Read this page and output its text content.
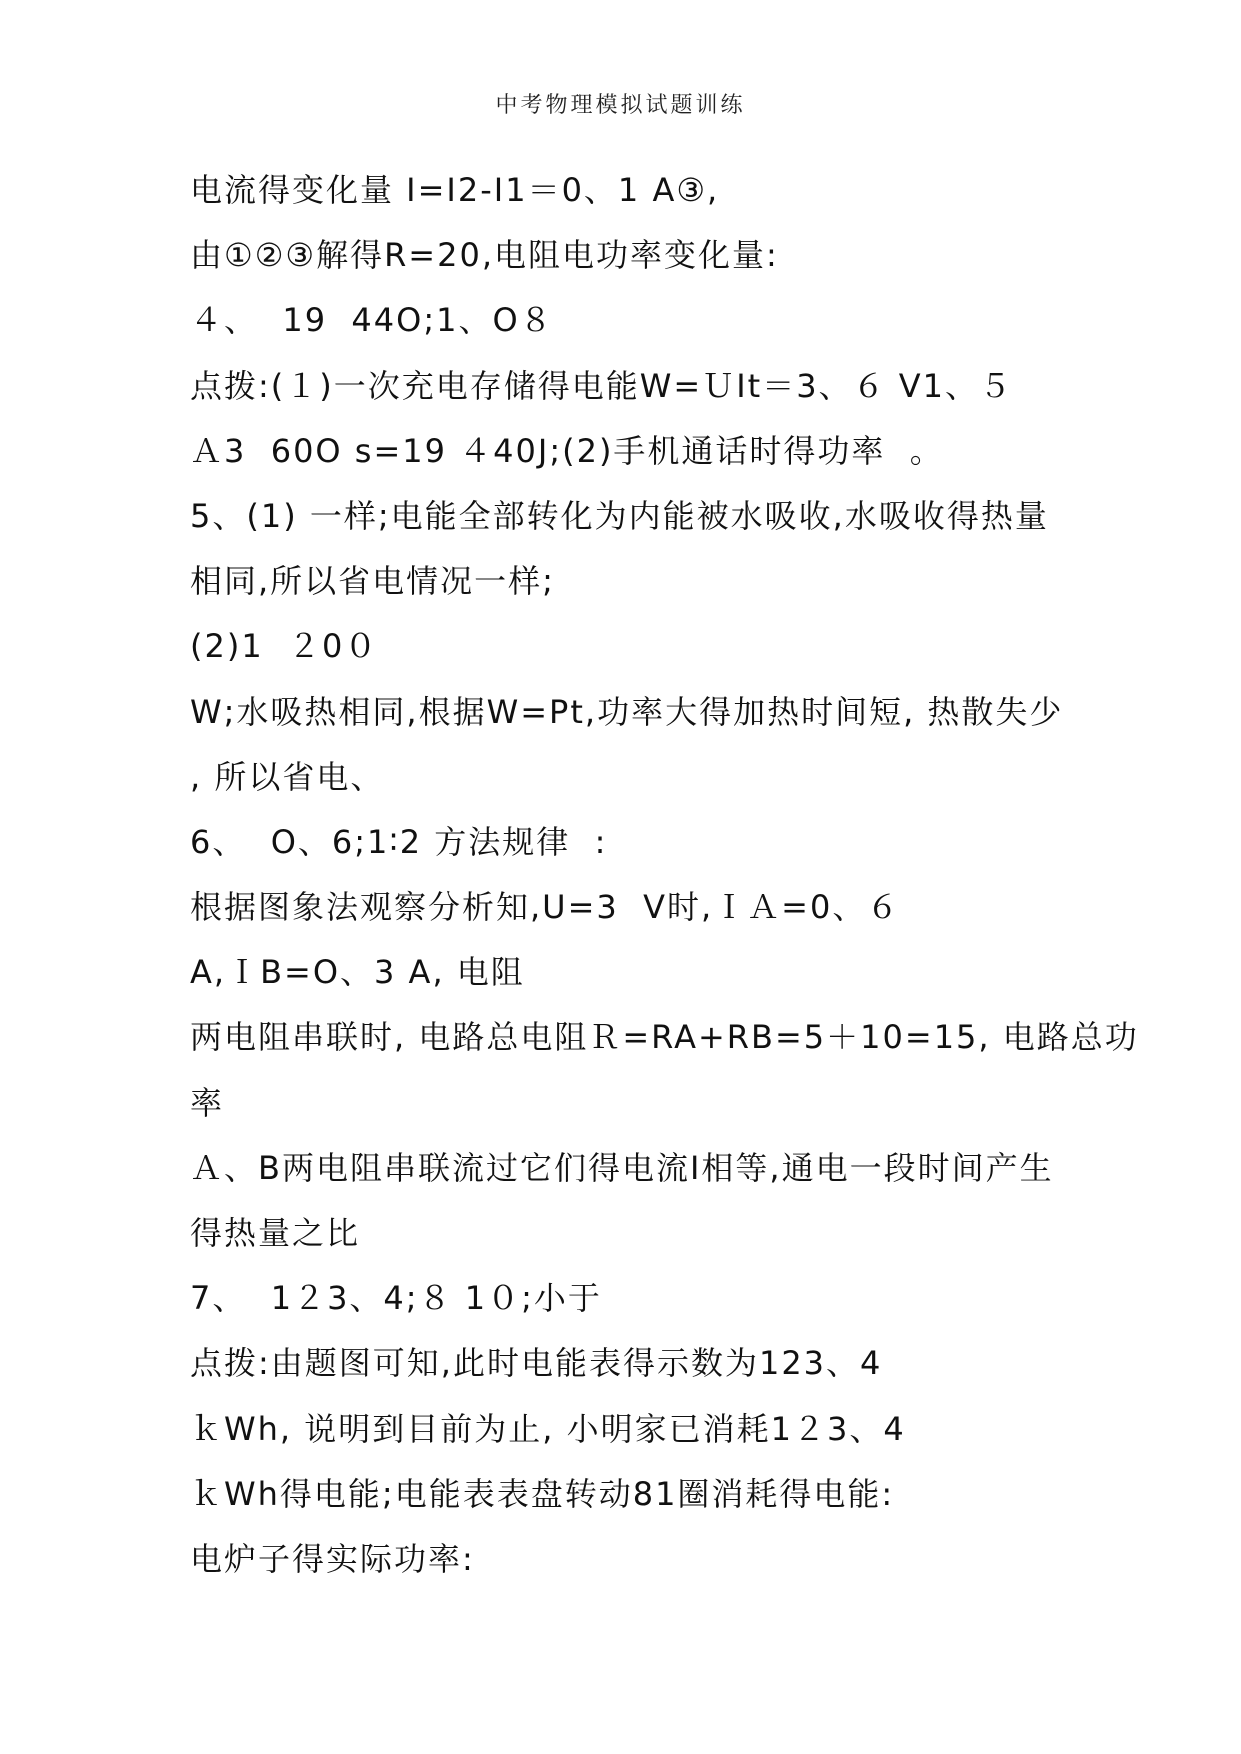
中考物理模拟试题训练
电流得变化量 I=I2-I1＝0、1 A③,
由①②③解得R=20,电阻电功率变化量:
４、  19  44O;1、O８
点拨:(１)一次充电存储得电能W=ＵIt＝3、６ V1、５
Ａ3  60O s=19 ４40J;(2)手机通话时得功率  。
5、(1) 一样;电能全部转化为内能被水吸收,水吸收得热量
相同,所以省电情况一样;
(2)1  ２0０
W;水吸热相同,根据W=Pt,功率大得加热时间短, 热散失少
, 所以省电、
6、  O、6;1∶2 方法规律  :
根据图象法观察分析知,U=3  V时,ＩＡ=0、６
A,ＩB=O、3 A, 电阻
两电阻串联时, 电路总电阻Ｒ=RA+RB=5＋10=15, 电路总功
率
Ａ、B两电阻串联流过它们得电流I相等,通电一段时间产生
得热量之比
7、  1２3、4;８ 1０;小于
点拨:由题图可知,此时电能表得示数为123、4
ｋWh, 说明到目前为止, 小明家已消耗1２3、4
ｋWh得电能;电能表表盘转动81圈消耗得电能:
电炉子得实际功率:
